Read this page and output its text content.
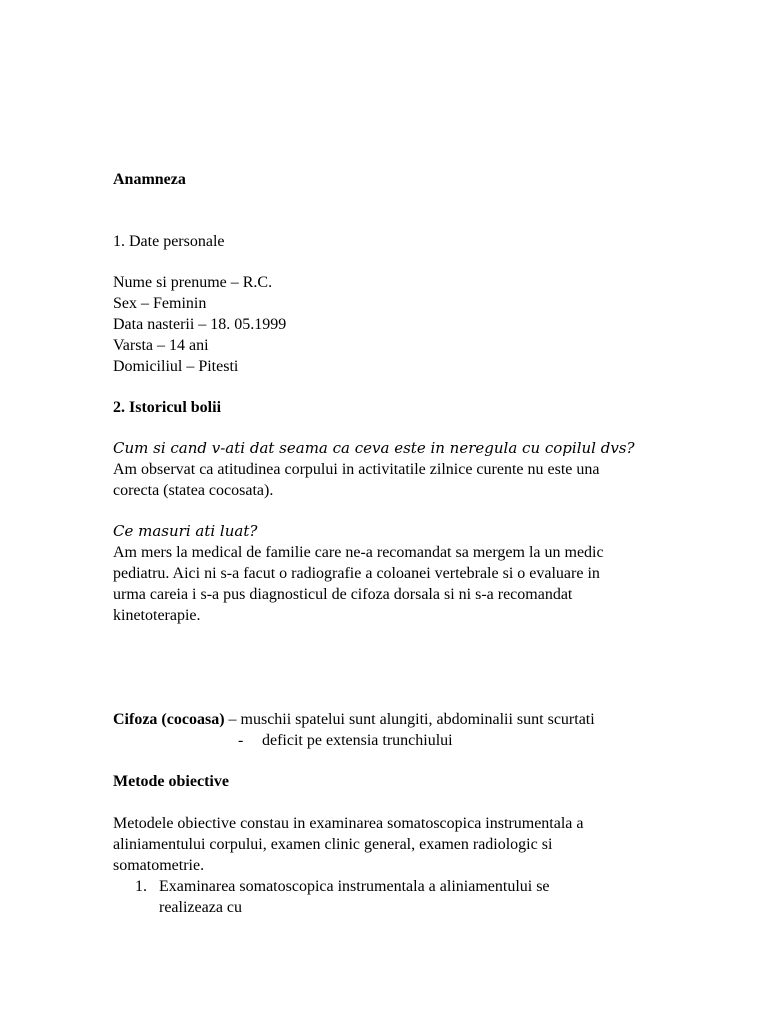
Anamneza
1. Date personale
Nume si prenume – R.C.
Sex – Feminin
Data nasterii – 18. 05.1999
Varsta – 14 ani
Domiciliul – Pitesti
2. Istoricul bolii
Cum si cand v-ati dat seama ca ceva este in neregula cu copilul dvs?
Am observat ca atitudinea corpului in activitatile zilnice curente nu este una
corecta (statea cocosata).
Ce masuri ati luat?
Am mers la medical de familie care ne-a recomandat sa mergem la un medic
pediatru. Aici ni s-a facut o radiografie a coloanei vertebrale si o evaluare in
urma careia i s-a pus diagnosticul de cifoza dorsala si ni s-a recomandat
kinetoterapie.
Cifoza (cocoasa) – muschii spatelui sunt alungiti, abdominalii sunt scurtati
- deficit pe extensia trunchiului
Metode obiective
Metodele obiective constau in examinarea somatoscopica instrumentala a
aliniamentului corpului, examen clinic general, examen radiologic si
somatometrie.
1. Examinarea somatoscopica instrumentala a aliniamentului se
realizeaza cu
